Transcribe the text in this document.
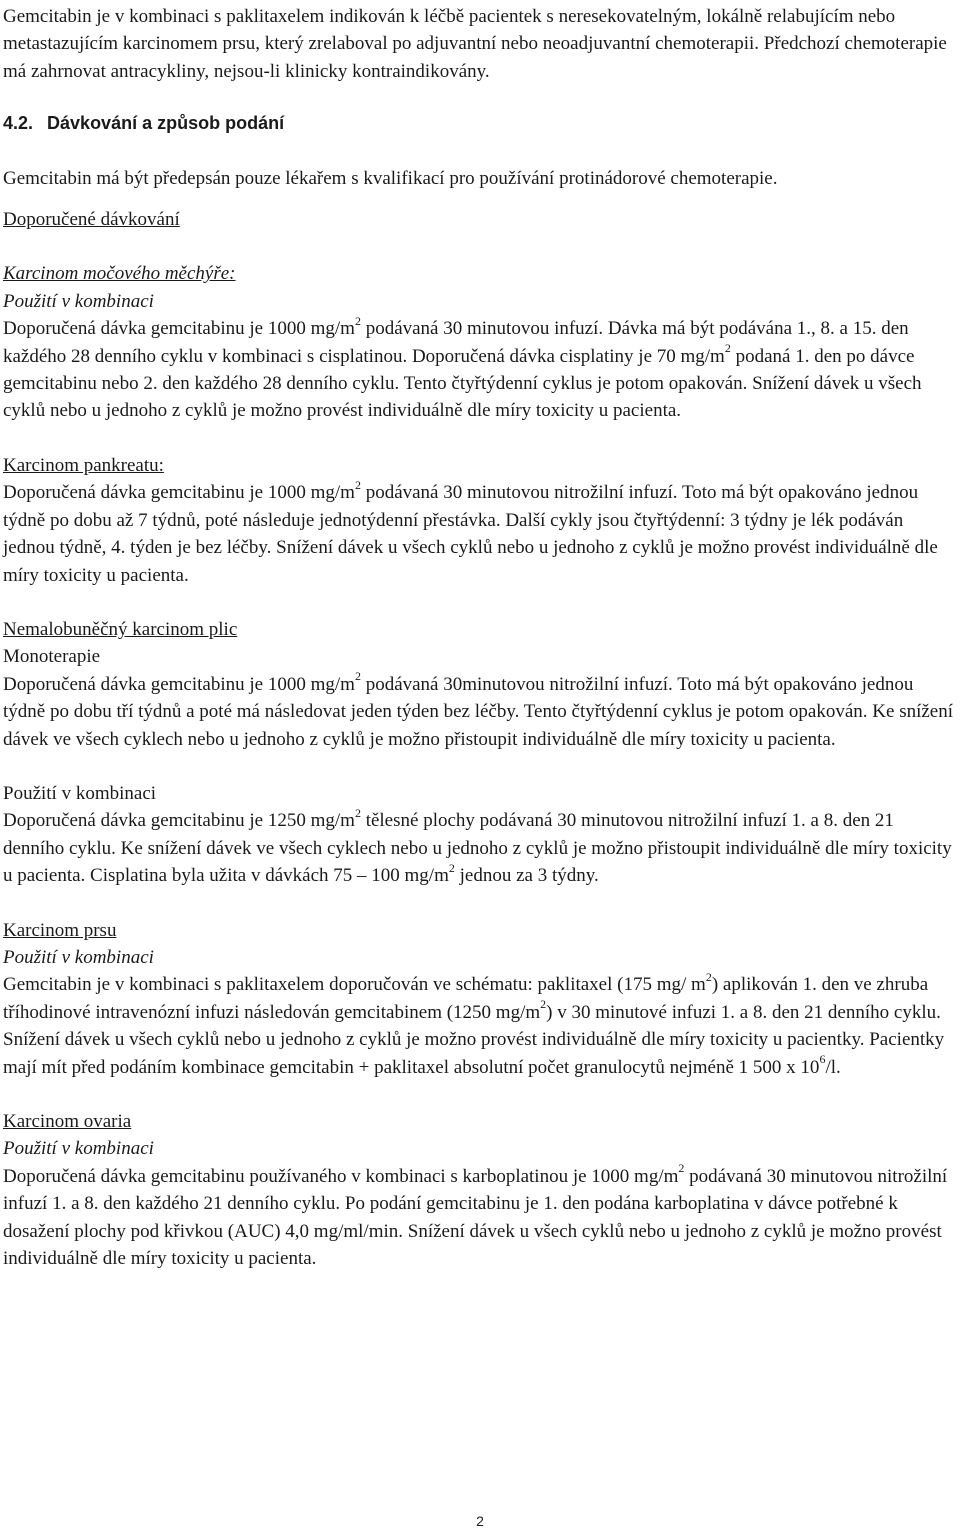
Gemcitabin je v kombinaci s paklitaxelem indikován k léčbě pacientek s neresekovatelným, lokálně relabujícím nebo metastazujícím karcinomem prsu, který zrelaboval po adjuvantní nebo neoadjuvantní chemoterapii. Předchozí chemoterapie má zahrnovat antracykliny, nejsou-li klinicky kontraindikovány.

4.2. Dávkování a způsob podání

Gemcitabin má být předepsán pouze lékařem s kvalifikací pro používání protinádorové chemoterapie.

Doporučené dávkování

Karcinom močového měchýře:

Použití v kombinaci

Doporučená dávka gemcitabinu je 1000 $mg/m^2$ podávaná 30 minutovou infuzí. Dávka má být podávána 1., 8. a 15. den každého 28 denního cyklu v kombinaci s cisplatinou. Doporučená dávka cisplatiny je 70 $mg/m^2$ podaná 1. den po dávce gemcitabinu nebo 2. den každého 28 denního cyklu. Tento čtyřtýdenní cyklus je potom opakován. Snížení dávek u všech cyklů nebo u jednoho z cyklů je možno provést individuálně dle míry toxicity u pacienta.

Karcinom pankreatu:

Doporučená dávka gemcitabinu je 1000 $mg/m^2$ podávaná 30 minutovou nitrožilní infuzí. Toto má být opakováno jednou týdně po dobu až 7 týdnů, poté následuje jednotýdenní přestávka. Další cykly jsou čtyřtýdenní: 3 týdny je lék podáván jednou týdně, 4. týden je bez léčby. Snížení dávek u všech cyklů nebo u jednoho z cyklů je možno provést individuálně dle míry toxicity u pacienta.

Nemalobuněčný karcinom plic

Monoterapie

Doporučená dávka gemcitabinu je 1000 $mg/m^2$ podávaná 30minutovou nitrožilní infuzí. Toto má být opakováno jednou týdně po dobu tří týdnů a poté má následovat jeden týden bez léčby. Tento čtyřtýdenní cyklus je potom opakován. Ke snížení dávek ve všech cyklech nebo u jednoho z cyklů je možno přistoupit individuálně dle míry toxicity u pacienta.

Použití v kombinaci

Doporučená dávka gemcitabinu je 1250 $mg/m^2$ tělesné plochy podávaná 30 minutovou nitrožilní infuzí 1. a 8. den 21 denního cyklu. Ke snížení dávek ve všech cyklech nebo u jednoho z cyklů je možno přistoupit individuálně dle míry toxicity u pacienta. Cisplatina byla užita v dávkách 75 – 100 $mg/m^2$ jednou za 3 týdny.

Karcinom prsu

Použití v kombinaci

Gemcitabin je v kombinaci s paklitaxelem doporučován ve schématu: paklitaxel (175 mg/ $m^2$) aplikován 1. den ve zhruba tříhodinové intravenózní infuzi následován gemcitabinem (1250 $mg/m^2$) v 30 minutové infuzi 1. a 8. den 21 denního cyklu. Snížení dávek u všech cyklů nebo u jednoho z cyklů je možno provést individuálně dle míry toxicity u pacientky. Pacientky mají mít před podáním kombinace gemcitabin + paklitaxel absolutní počet granulocytů nejméně 1 500 x $10^6/l$.

Karcinom ovaria

Použití v kombinaci

Doporučená dávka gemcitabinu používaného v kombinaci s karboplatinou je 1000 $mg/m^2$ podávaná 30 minutovou nitrožilní infuzí 1. a 8. den každého 21 denního cyklu. Po podání gemcitabinu je 1. den podána karboplatina v dávce potřebné k dosažení plochy pod křivkou (AUC) 4,0 mg/ml/min. Snížení dávek u všech cyklů nebo u jednoho z cyklů je možno provést individuálně dle míry toxicity u pacienta.

2
